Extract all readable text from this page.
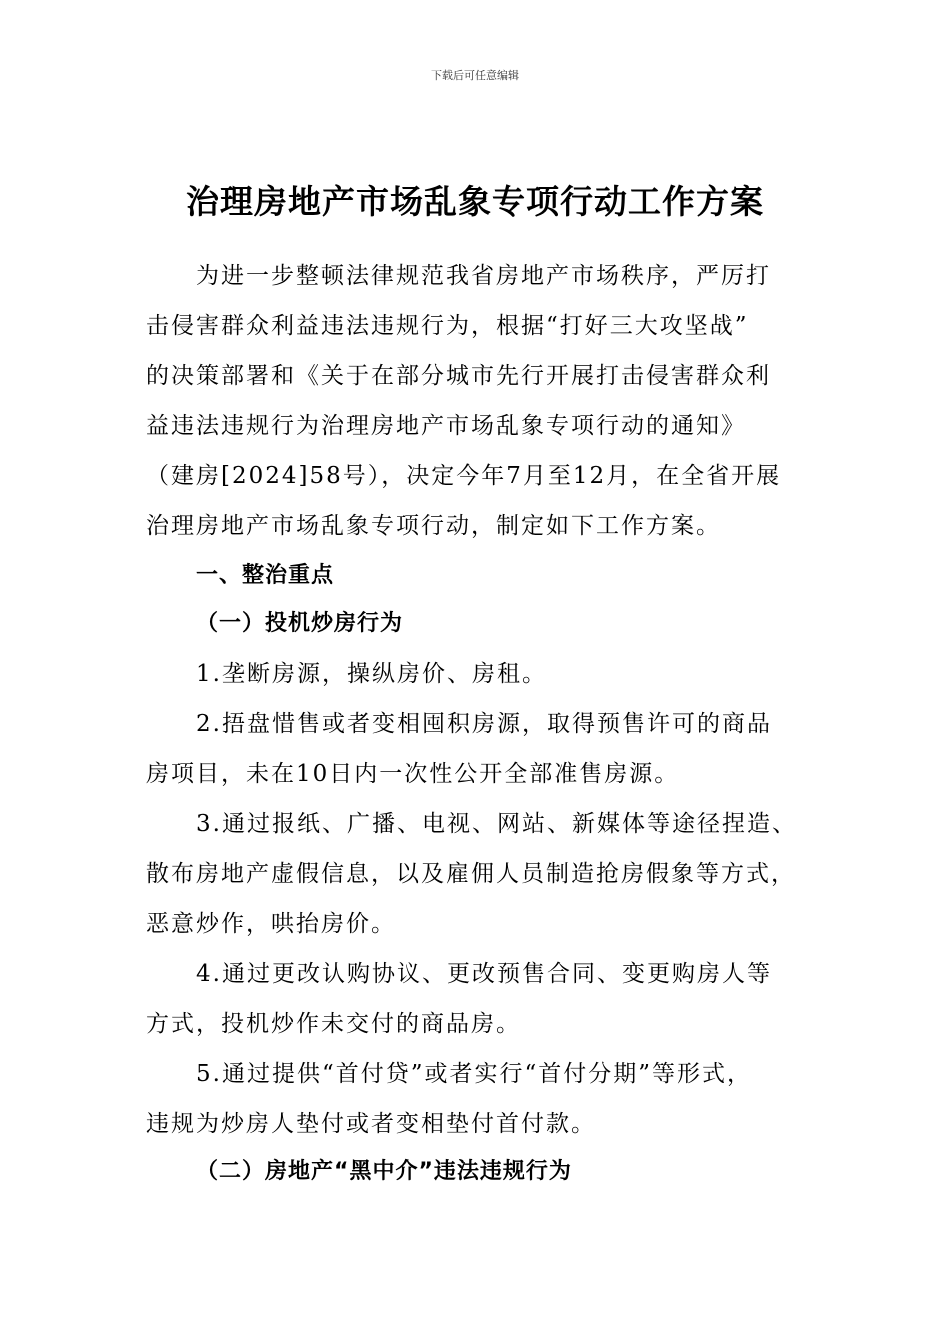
下载后可任意编辑
治理房地产市场乱象专项行动工作方案
为进一步整顿法律规范我省房地产市场秩序，严厉打
击侵害群众利益违法违规行为，根据“打好三大攻坚战”
的决策部署和《关于在部分城市先行开展打击侵害群众利
益违法违规行为治理房地产市场乱象专项行动的通知》
（建房[2024]58号），决定今年7月至12月，在全省开展
治理房地产市场乱象专项行动，制定如下工作方案。
一、整治重点
（一）投机炒房行为
1.垄断房源，操纵房价、房租。
2.捂盘惜售或者变相囤积房源，取得预售许可的商品
房项目，未在10日内一次性公开全部准售房源。
3.通过报纸、广播、电视、网站、新媒体等途径捏造、
散布房地产虚假信息，以及雇佣人员制造抢房假象等方式，
恶意炒作，哄抬房价。
4.通过更改认购协议、更改预售合同、变更购房人等
方式，投机炒作未交付的商品房。
5.通过提供“首付贷”或者实行“首付分期”等形式，
违规为炒房人垫付或者变相垫付首付款。
（二）房地产“黑中介”违法违规行为
